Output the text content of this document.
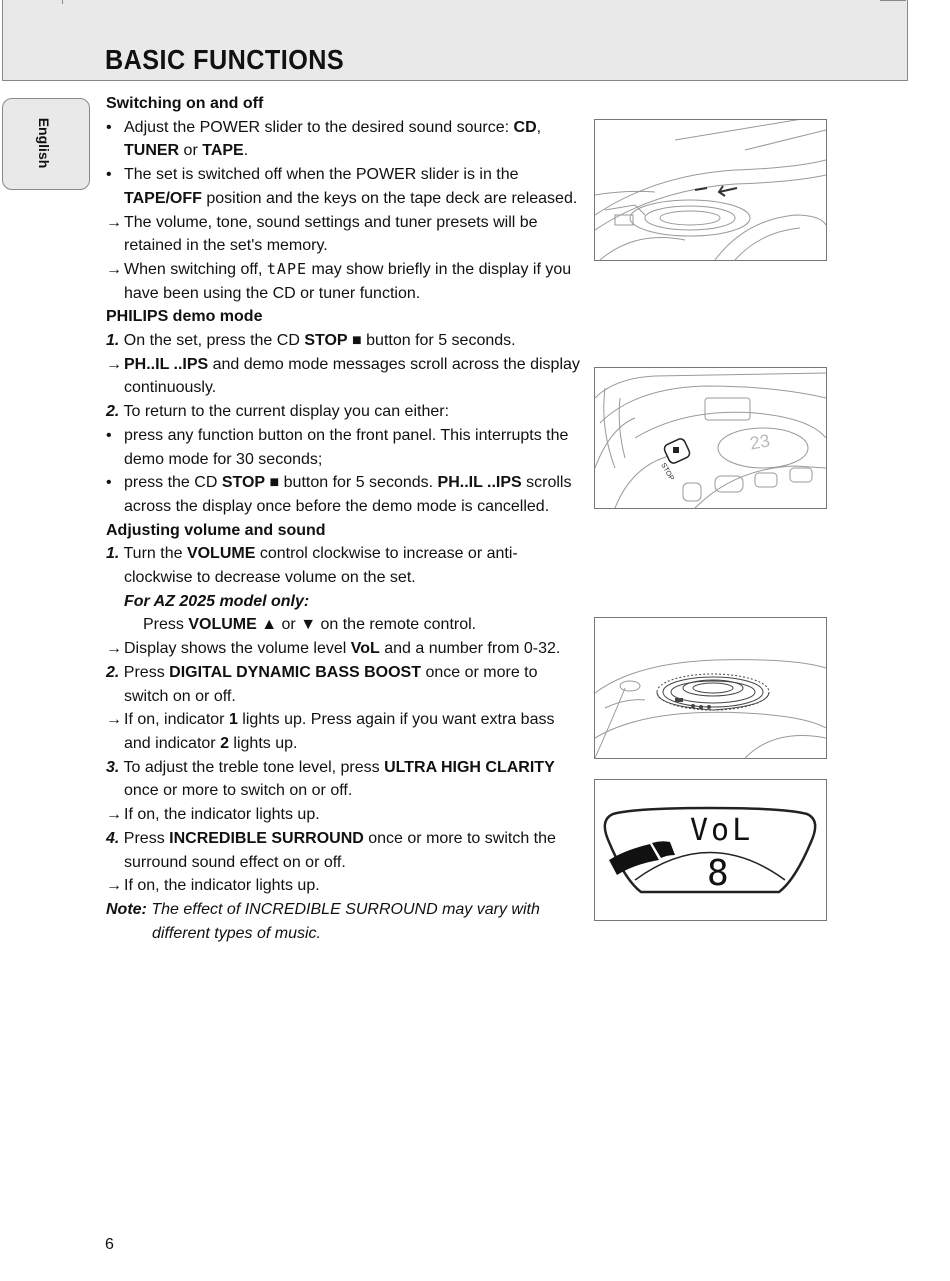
BASIC FUNCTIONS
English

Switching on and off

• Adjust the POWER slider to the desired sound source: CD, TUNER or TAPE.

• The set is switched off when the POWER slider is in the TAPE/OFF position and the keys on the tape deck are released.

→ The volume, tone, sound settings and tuner presets will be retained in the set's memory.

→ When switching off, tAPE may show briefly in the display if you have been using the CD or tuner function.

PHILIPS demo mode

1. On the set, press the CD STOP ■ button for 5 seconds.

→ PH..IL ..IPS and demo mode messages scroll across the display continuously.

2. To return to the current display you can either:

• press any function button on the front panel. This interrupts the demo mode for 30 seconds;

• press the CD STOP ■ button for 5 seconds. PH..IL ..IPS scrolls across the display once before the demo mode is cancelled.

Adjusting volume and sound

1. Turn the VOLUME control clockwise to increase or anti-clockwise to decrease volume on the set.

For AZ 2025 model only:

Press VOLUME ▲ or ▼ on the remote control.

→ Display shows the volume level VoL and a number from 0-32.

2. Press DIGITAL DYNAMIC BASS BOOST once or more to switch on or off.

→ If on, indicator 1 lights up. Press again if you want extra bass and indicator 2 lights up.

3. To adjust the treble tone level, press ULTRA HIGH CLARITY once or more to switch on or off.

→ If on, the indicator lights up.

4. Press INCREDIBLE SURROUND once or more to switch the surround sound effect on or off.

→ If on, the indicator lights up.

Note: The effect of INCREDIBLE SURROUND may vary with

different types of music.

23
STOP
VoL
8
6
